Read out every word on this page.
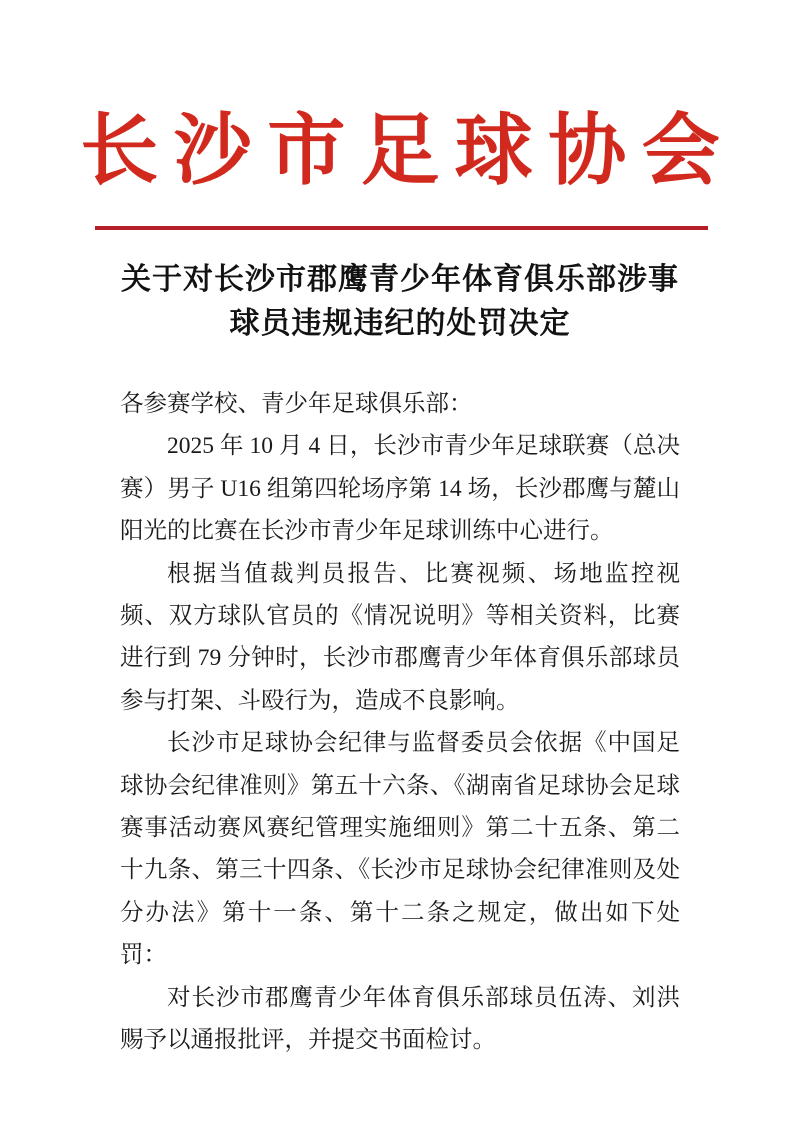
长沙市足球协会
关于对长沙市郡鹰青少年体育俱乐部涉事
球员违规违纪的处罚决定

各参赛学校、青少年足球俱乐部：

2025 年 10 月 4 日，长沙市青少年足球联赛（总决赛）男子 U16 组第四轮场序第 14 场，长沙郡鹰与麓山阳光的比赛在长沙市青少年足球训练中心进行。

根据当值裁判员报告、比赛视频、场地监控视频、双方球队官员的《情况说明》等相关资料，比赛进行到 79 分钟时，长沙市郡鹰青少年体育俱乐部球员参与打架、斗殴行为，造成不良影响。

长沙市足球协会纪律与监督委员会依据《中国足球协会纪律准则》第五十六条、《湖南省足球协会足球赛事活动赛风赛纪管理实施细则》第二十五条、第二十九条、第三十四条、《长沙市足球协会纪律准则及处分办法》第十一条、第十二条之规定，做出如下处罚：

对长沙市郡鹰青少年体育俱乐部球员伍涛、刘洪赐予以通报批评，并提交书面检讨。
